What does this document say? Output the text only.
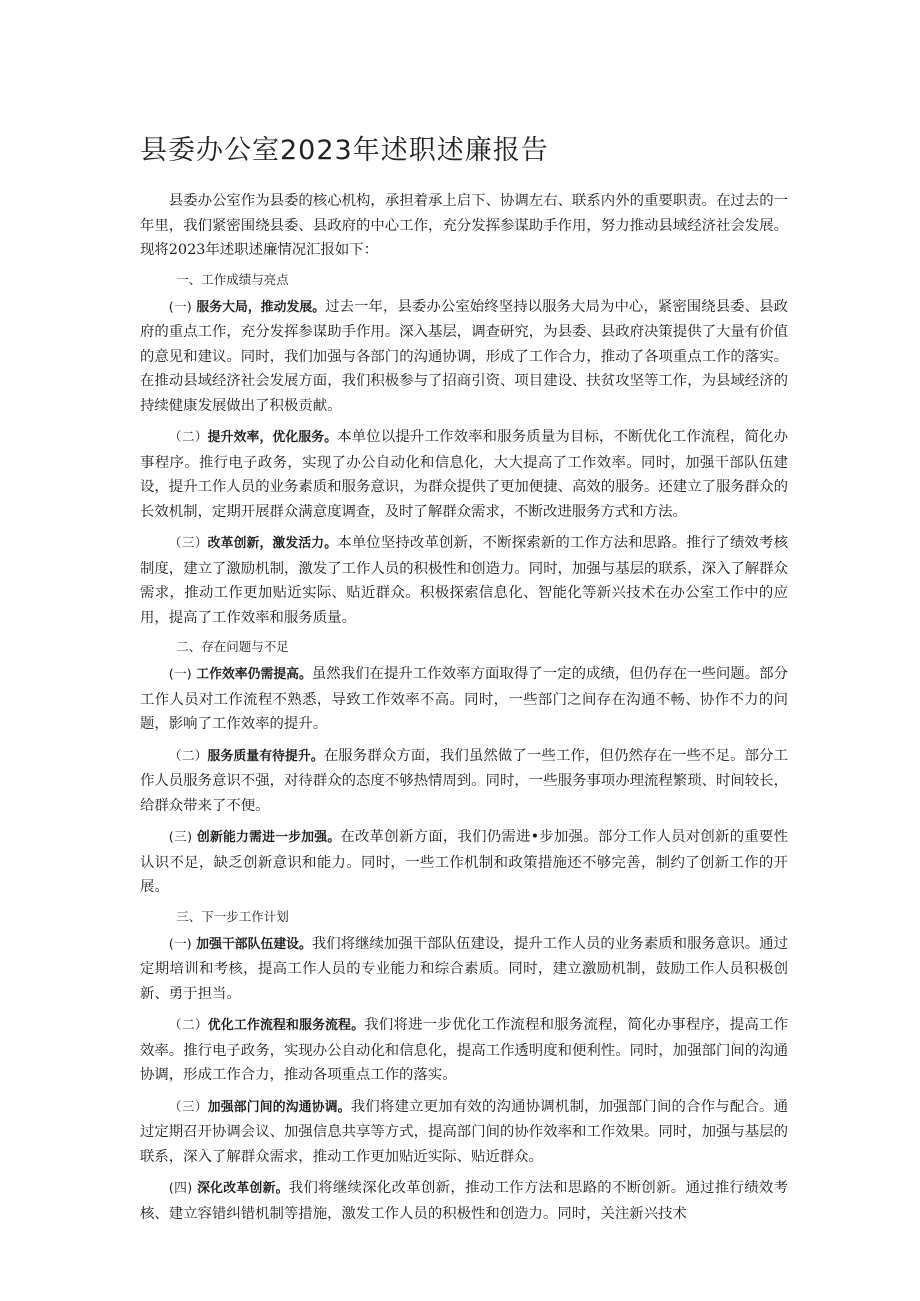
县委办公室2023年述职述廉报告

县委办公室作为县委的核心机构，承担着承上启下、协调左右、联系内外的重要职责。在过去的一年里，我们紧密围绕县委、县政府的中心工作，充分发挥参谋助手作用，努力推动县域经济社会发展。现将2023年述职述廉情况汇报如下：

一、工作成绩与亮点

(一) 服务大局，推动发展。过去一年，县委办公室始终坚持以服务大局为中心，紧密围绕县委、县政府的重点工作，充分发挥参谋助手作用。深入基层，调查研究，为县委、县政府决策提供了大量有价值的意见和建议。同时，我们加强与各部门的沟通协调，形成了工作合力，推动了各项重点工作的落实。在推动县域经济社会发展方面，我们积极参与了招商引资、项目建设、扶贫攻坚等工作，为县域经济的持续健康发展做出了积极贡献。

（二）提升效率，优化服务。本单位以提升工作效率和服务质量为目标，不断优化工作流程，简化办事程序。推行电子政务，实现了办公自动化和信息化，大大提高了工作效率。同时，加强干部队伍建设，提升工作人员的业务素质和服务意识，为群众提供了更加便捷、高效的服务。还建立了服务群众的长效机制，定期开展群众满意度调查，及时了解群众需求，不断改进服务方式和方法。

（三）改革创新，激发活力。本单位坚持改革创新，不断探索新的工作方法和思路。推行了绩效考核制度，建立了激励机制，激发了工作人员的积极性和创造力。同时，加强与基层的联系，深入了解群众需求，推动工作更加贴近实际、贴近群众。积极探索信息化、智能化等新兴技术在办公室工作中的应用，提高了工作效率和服务质量。

二、存在问题与不足

(一) 工作效率仍需提高。虽然我们在提升工作效率方面取得了一定的成绩，但仍存在一些问题。部分工作人员对工作流程不熟悉，导致工作效率不高。同时，一些部门之间存在沟通不畅、协作不力的问题，影响了工作效率的提升。

（二）服务质量有待提升。在服务群众方面，我们虽然做了一些工作，但仍然存在一些不足。部分工作人员服务意识不强，对待群众的态度不够热情周到。同时，一些服务事项办理流程繁琐、时间较长，给群众带来了不便。

(三) 创新能力需进一步加强。在改革创新方面，我们仍需进•步加强。部分工作人员对创新的重要性认识不足，缺乏创新意识和能力。同时，一些工作机制和政策措施还不够完善，制约了创新工作的开展。

三、下一步工作计划

(一) 加强干部队伍建设。我们将继续加强干部队伍建设，提升工作人员的业务素质和服务意识。通过定期培训和考核，提高工作人员的专业能力和综合素质。同时，建立激励机制，鼓励工作人员积极创新、勇于担当。

（二）优化工作流程和服务流程。我们将进一步优化工作流程和服务流程，简化办事程序，提高工作效率。推行电子政务，实现办公自动化和信息化，提高工作透明度和便利性。同时，加强部门间的沟通协调，形成工作合力，推动各项重点工作的落实。

（三）加强部门间的沟通协调。我们将建立更加有效的沟通协调机制，加强部门间的合作与配合。通过定期召开协调会议、加强信息共享等方式，提高部门间的协作效率和工作效果。同时，加强与基层的联系，深入了解群众需求，推动工作更加贴近实际、贴近群众。

(四) 深化改革创新。我们将继续深化改革创新，推动工作方法和思路的不断创新。通过推行绩效考核、建立容错纠错机制等措施，激发工作人员的积极性和创造力。同时，关注新兴技术
